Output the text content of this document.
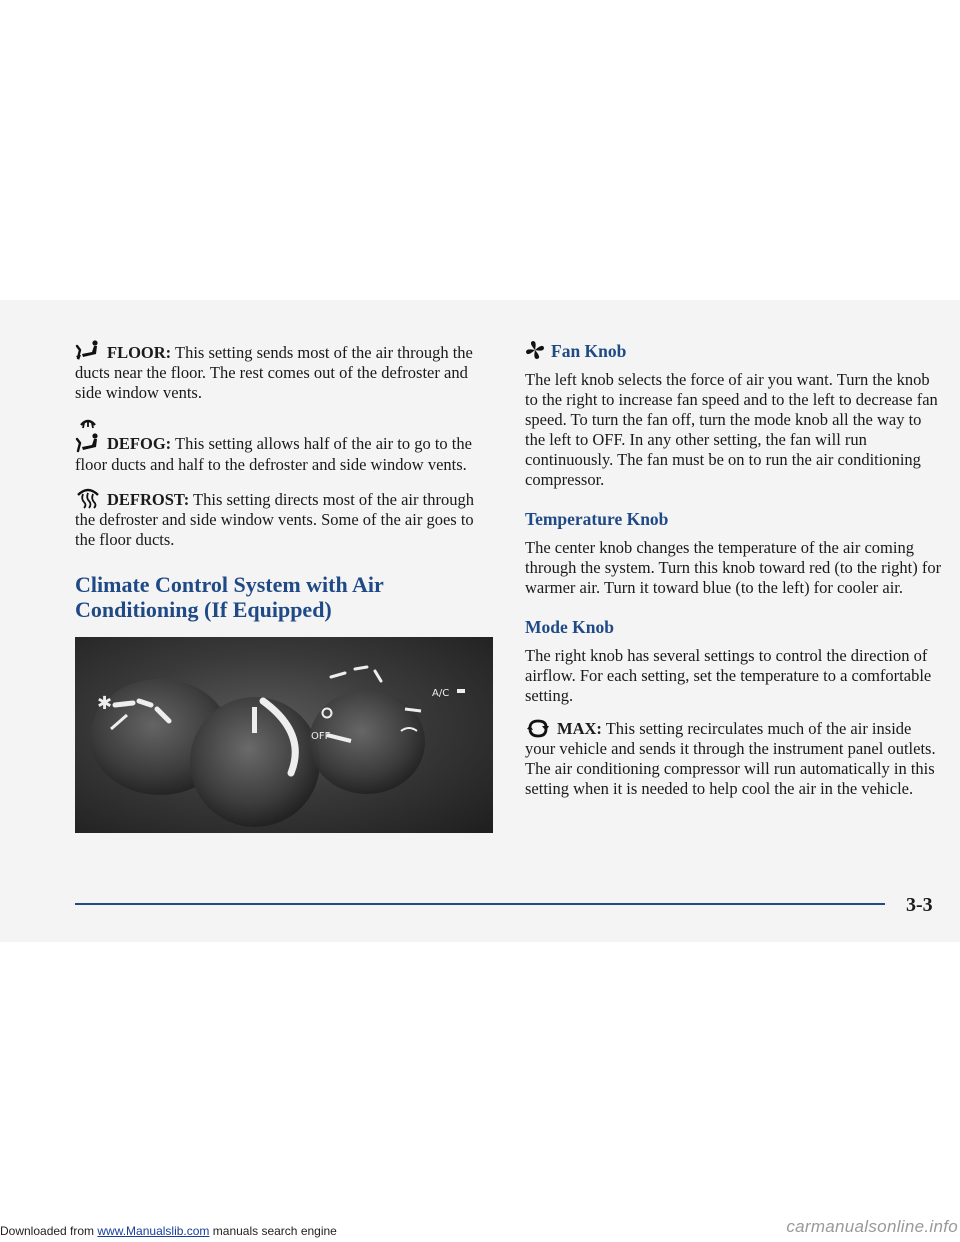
FLOOR: This setting sends most of the air through the ducts near the floor. The rest comes out of the defroster and side window vents.

DEFOG: This setting allows half of the air to go to the floor ducts and half to the defroster and side window vents.

DEFROST: This setting directs most of the air through the defroster and side window vents. Some of the air goes to the floor ducts.

Climate Control System with Air Conditioning (If Equipped)
✱	A/C
OFF
Fan Knob

The left knob selects the force of air you want. Turn the knob to the right to increase fan speed and to the left to decrease fan speed. To turn the fan off, turn the mode knob all the way to the left to OFF. In any other setting, the fan will run continuously. The fan must be on to run the air conditioning compressor.

Temperature Knob

The center knob changes the temperature of the air coming through the system. Turn this knob toward red (to the right) for warmer air. Turn it toward blue (to the left) for cooler air.

Mode Knob

The right knob has several settings to control the direction of airflow. For each setting, set the temperature to a comfortable setting.

MAX: This setting recirculates much of the air inside your vehicle and sends it through the instrument panel outlets. The air conditioning compressor will run automatically in this setting when it is needed to help cool the air in the vehicle.

3-3
Downloaded from www.Manualslib.com manuals search engine	carmanualsonline.info
